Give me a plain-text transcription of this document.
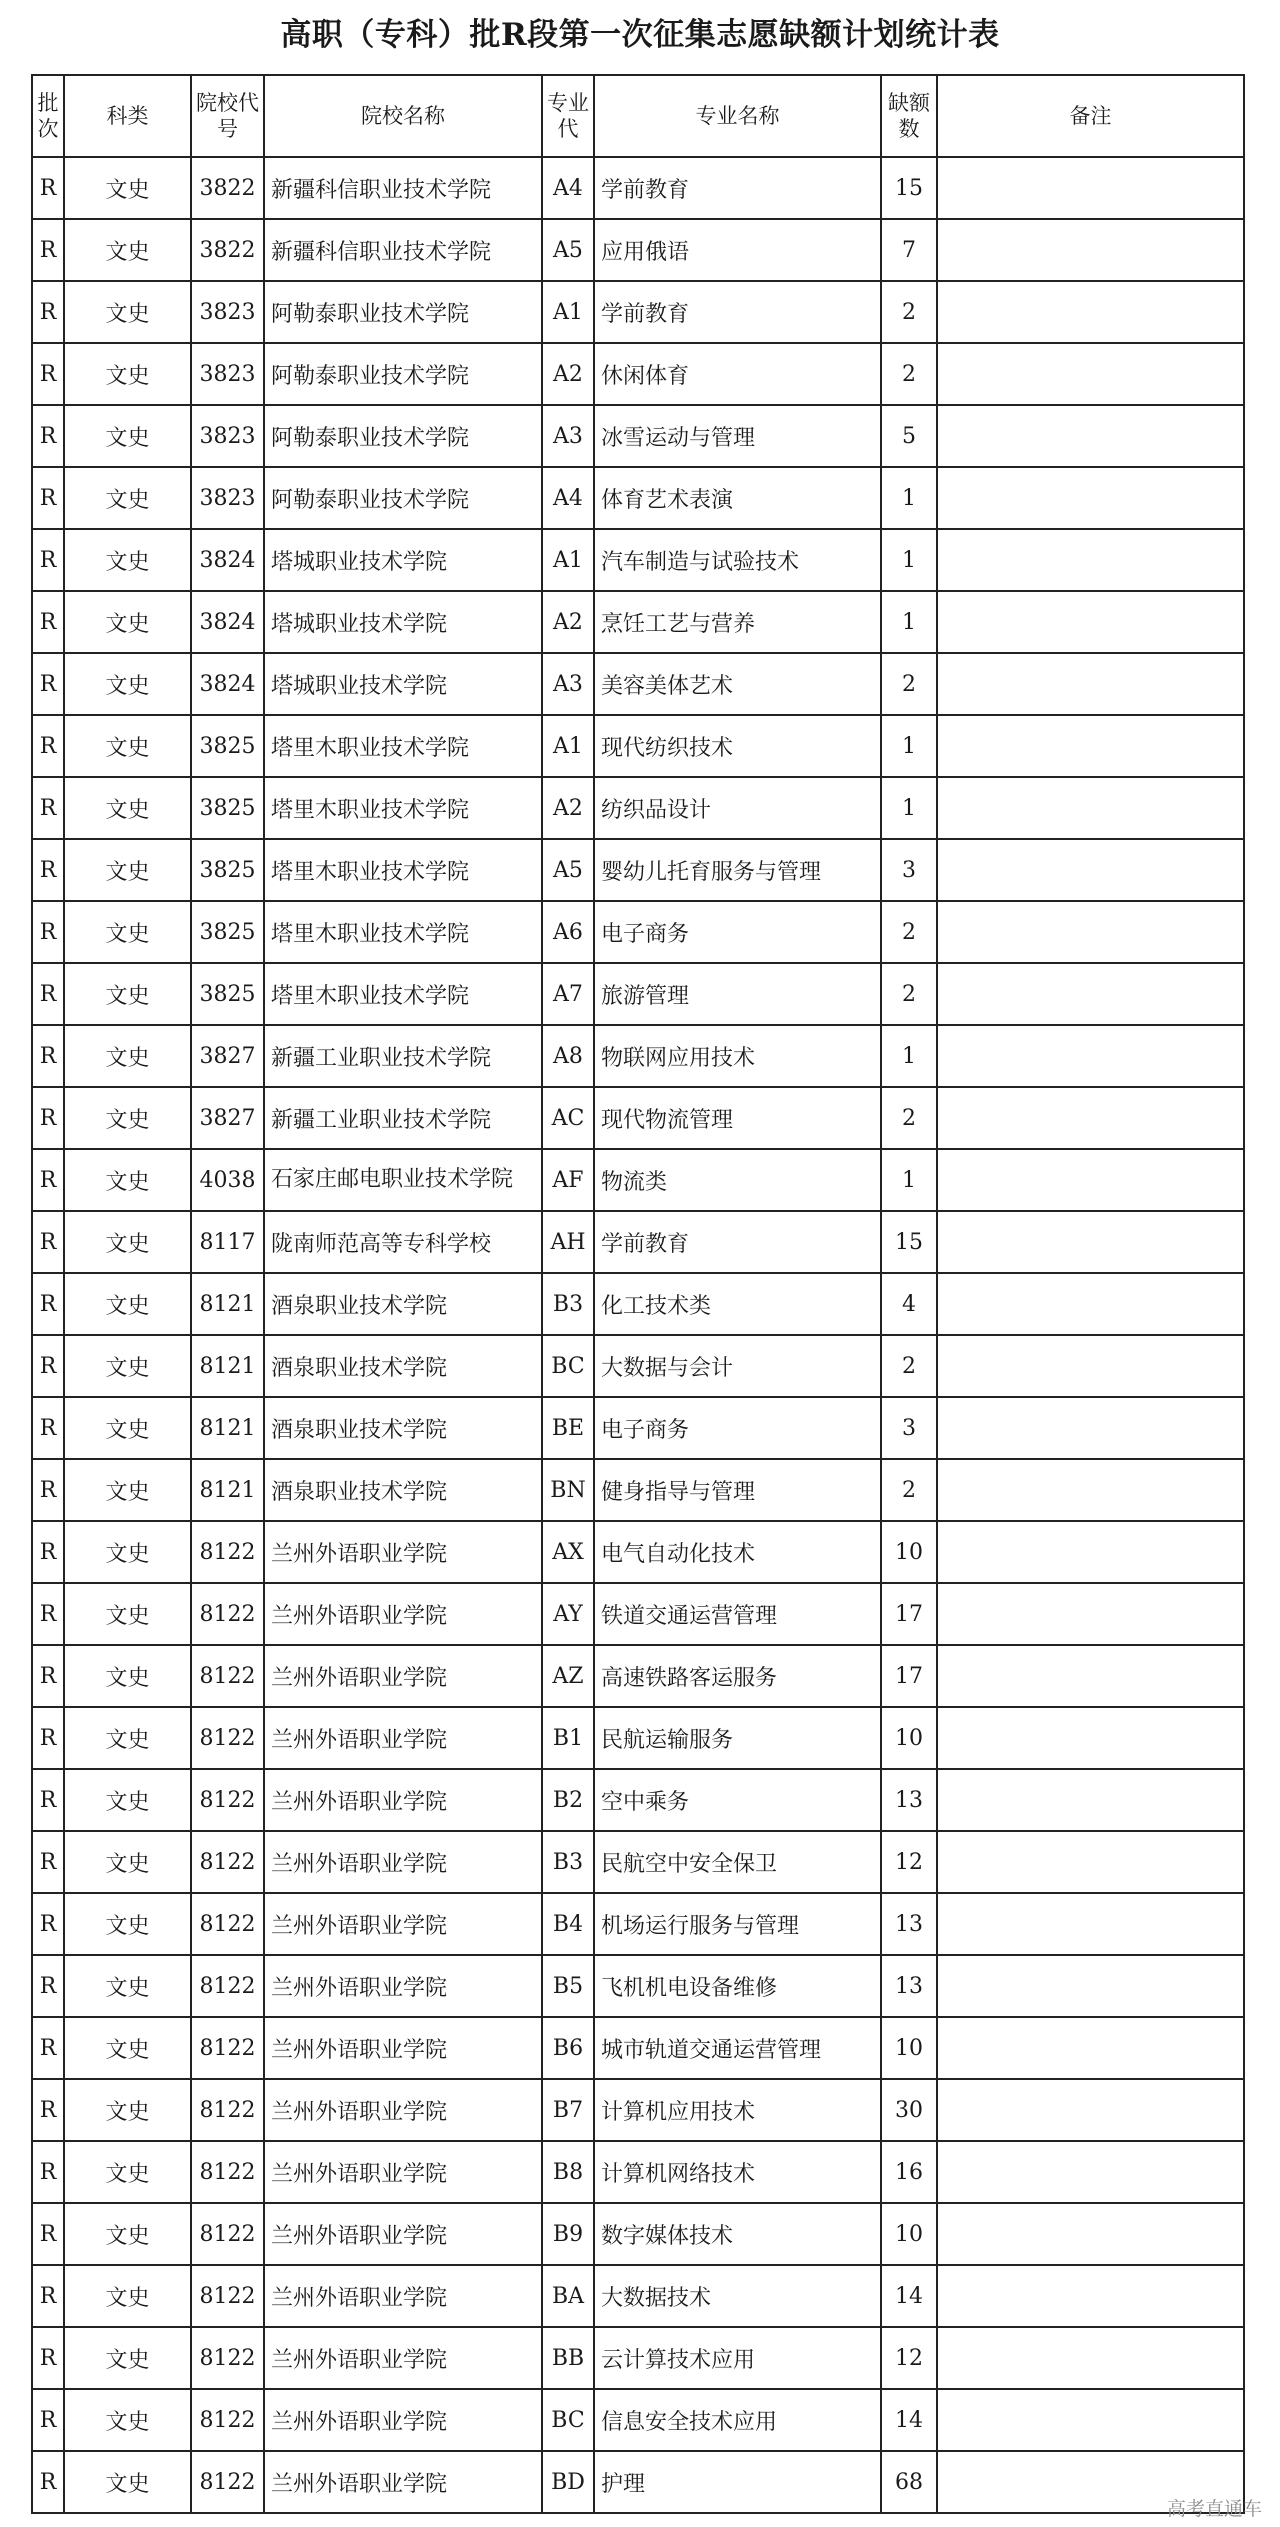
高职（专科）批R段第一次征集志愿缺额计划统计表
批次	科类	院校代号	院校名称	专业代	专业名称	缺额数	备注
R	文史	3822	新疆科信职业技术学院	A4	学前教育	15	
R	文史	3822	新疆科信职业技术学院	A5	应用俄语	7	
R	文史	3823	阿勒泰职业技术学院	A1	学前教育	2	
R	文史	3823	阿勒泰职业技术学院	A2	休闲体育	2	
R	文史	3823	阿勒泰职业技术学院	A3	冰雪运动与管理	5	
R	文史	3823	阿勒泰职业技术学院	A4	体育艺术表演	1	
R	文史	3824	塔城职业技术学院	A1	汽车制造与试验技术	1	
R	文史	3824	塔城职业技术学院	A2	烹饪工艺与营养	1	
R	文史	3824	塔城职业技术学院	A3	美容美体艺术	2	
R	文史	3825	塔里木职业技术学院	A1	现代纺织技术	1	
R	文史	3825	塔里木职业技术学院	A2	纺织品设计	1	
R	文史	3825	塔里木职业技术学院	A5	婴幼儿托育服务与管理	3	
R	文史	3825	塔里木职业技术学院	A6	电子商务	2	
R	文史	3825	塔里木职业技术学院	A7	旅游管理	2	
R	文史	3827	新疆工业职业技术学院	A8	物联网应用技术	1	
R	文史	3827	新疆工业职业技术学院	AC	现代物流管理	2	
R	文史	4038	石家庄邮电职业技术学院	AF	物流类	1	
R	文史	8117	陇南师范高等专科学校	AH	学前教育	15	
R	文史	8121	酒泉职业技术学院	B3	化工技术类	4	
R	文史	8121	酒泉职业技术学院	BC	大数据与会计	2	
R	文史	8121	酒泉职业技术学院	BE	电子商务	3	
R	文史	8121	酒泉职业技术学院	BN	健身指导与管理	2	
R	文史	8122	兰州外语职业学院	AX	电气自动化技术	10	
R	文史	8122	兰州外语职业学院	AY	铁道交通运营管理	17	
R	文史	8122	兰州外语职业学院	AZ	高速铁路客运服务	17	
R	文史	8122	兰州外语职业学院	B1	民航运输服务	10	
R	文史	8122	兰州外语职业学院	B2	空中乘务	13	
R	文史	8122	兰州外语职业学院	B3	民航空中安全保卫	12	
R	文史	8122	兰州外语职业学院	B4	机场运行服务与管理	13	
R	文史	8122	兰州外语职业学院	B5	飞机机电设备维修	13	
R	文史	8122	兰州外语职业学院	B6	城市轨道交通运营管理	10	
R	文史	8122	兰州外语职业学院	B7	计算机应用技术	30	
R	文史	8122	兰州外语职业学院	B8	计算机网络技术	16	
R	文史	8122	兰州外语职业学院	B9	数字媒体技术	10	
R	文史	8122	兰州外语职业学院	BA	大数据技术	14	
R	文史	8122	兰州外语职业学院	BB	云计算技术应用	12	
R	文史	8122	兰州外语职业学院	BC	信息安全技术应用	14	
R	文史	8122	兰州外语职业学院	BD	护理	68	
高考直通车
